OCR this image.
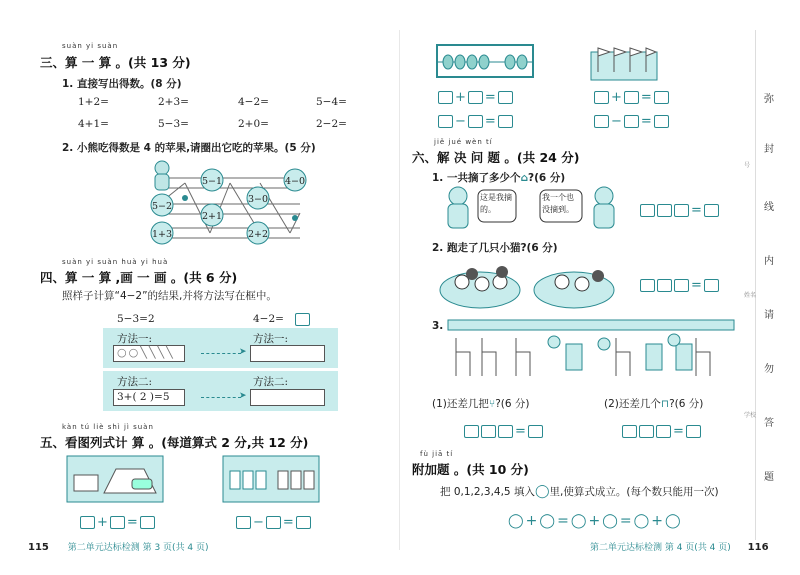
suàn yi suàn
三、算 一 算 。(共 13 分)
1. 直接写出得数。(8 分)
1+2=	2+3=	4−2=	5−4=
4+1=	5−3=	2+0=	2−2=
2. 小熊吃得数是 4 的苹果,请圈出它吃的苹果。(5 分)
5−1	4−0
5−2
3−0
2+1
1+3	2+2
suàn yi suàn huà yi huà
四、算 一 算 ,画 一 画 。(共 6 分)
照样子计算“4−2”的结果,并将方法写在框中。
5−3=2	4−2=
方法一:	方法一:
○○╲╲╲╲	➤
方法二:	方法二:
3+( 2 )=5	➤
kàn tú liè shì jì suàn
五、看图列式计 算 。(每道算式 2 分,共 12 分)
+ =	− =
115 第二单元达标检测 第 3 页(共 4 页)
+ =
− =
+ =
− =
jiě jué wèn tí
六、解 决 问 题 。(共 24 分)
1. 一共摘了多少个⌂?(6 分)
这是我摘的。
我一个也没摘到。	=
2. 跑走了几只小猫?(6 分)
=
3.
(1)还差几把⑂?(6 分)	(2)还差几个⊓?(6 分)
=	=
fù jiā tí
附加题 。(共 10 分)
把 0,1,2,3,4,5 填入◯里,使算式成立。(每个数只能用一次)
◯ + ◯ = ◯ + ◯ = ◯ + ◯
第二单元达标检测 第 4 页(共 4 页) 116
弥
封
线
内
请
勿
答
题
号
姓名
学校
